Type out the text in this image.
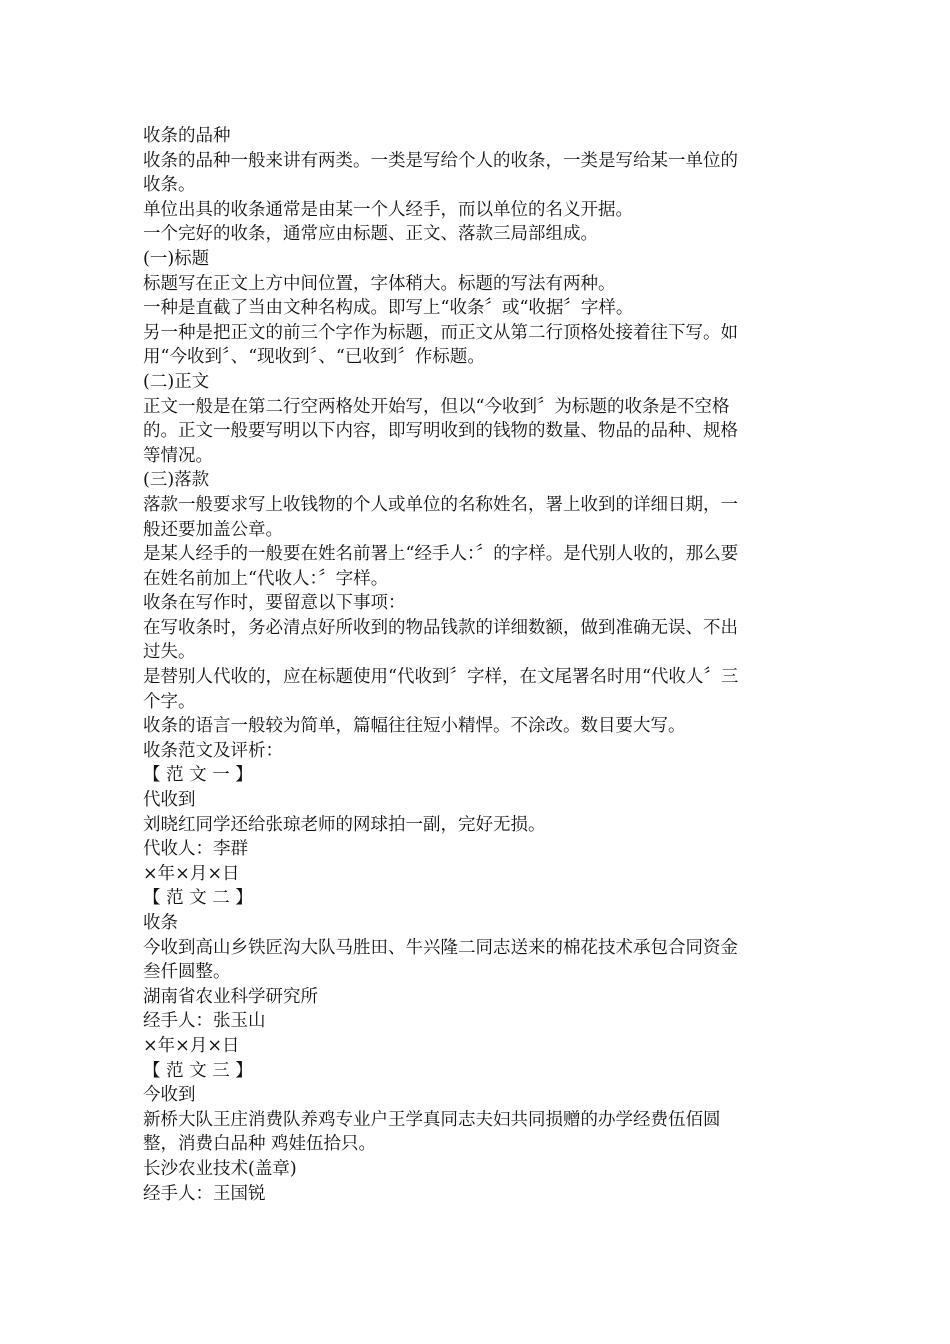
收条的品种

收条的品种一般来讲有两类。一类是写给个人的收条，一类是写给某一单位的

收条。

单位出具的收条通常是由某一个人经手，而以单位的名义开据。

一个完好的收条，通常应由标题、正文、落款三局部组成。

(一)标题

标题写在正文上方中间位置，字体稍大。标题的写法有两种。

一种是直截了当由文种名构成。即写上“收条〞或“收据〞字样。

另一种是把正文的前三个字作为标题，而正文从第二行顶格处接着往下写。如

用“今收到〞、“现收到〞、“已收到〞作标题。

(二)正文

正文一般是在第二行空两格处开始写，但以“今收到〞为标题的收条是不空格

的。正文一般要写明以下内容，即写明收到的钱物的数量、物品的品种、规格

等情况。

(三)落款

落款一般要求写上收钱物的个人或单位的名称姓名，署上收到的详细日期，一

般还要加盖公章。

是某人经手的一般要在姓名前署上“经手人：〞的字样。是代别人收的，那么要

在姓名前加上“代收人：〞字样。

收条在写作时，要留意以下事项：

在写收条时，务必清点好所收到的物品钱款的详细数额，做到准确无误、不出

过失。

是替别人代收的，应在标题使用“代收到〞字样，在文尾署名时用“代收人〞三

个字。

收条的语言一般较为简单，篇幅往往短小精悍。不涂改。数目要大写。

收条范文及评析：

【 范 文 一 】

代收到

刘晓红同学还给张琼老师的网球拍一副，完好无损。

代收人：李群

×年×月×日

【 范 文 二 】

收条

今收到高山乡铁匠沟大队马胜田、牛兴隆二同志送来的棉花技术承包合同资金

叁仟圆整。

湖南省农业科学研究所

经手人：张玉山

×年×月×日

【 范 文 三 】

今收到

新桥大队王庄消费队养鸡专业户王学真同志夫妇共同损赠的办学经费伍佰圆

整，消费白品种 鸡娃伍拾只。

长沙农业技术(盖章)

经手人：王国锐
